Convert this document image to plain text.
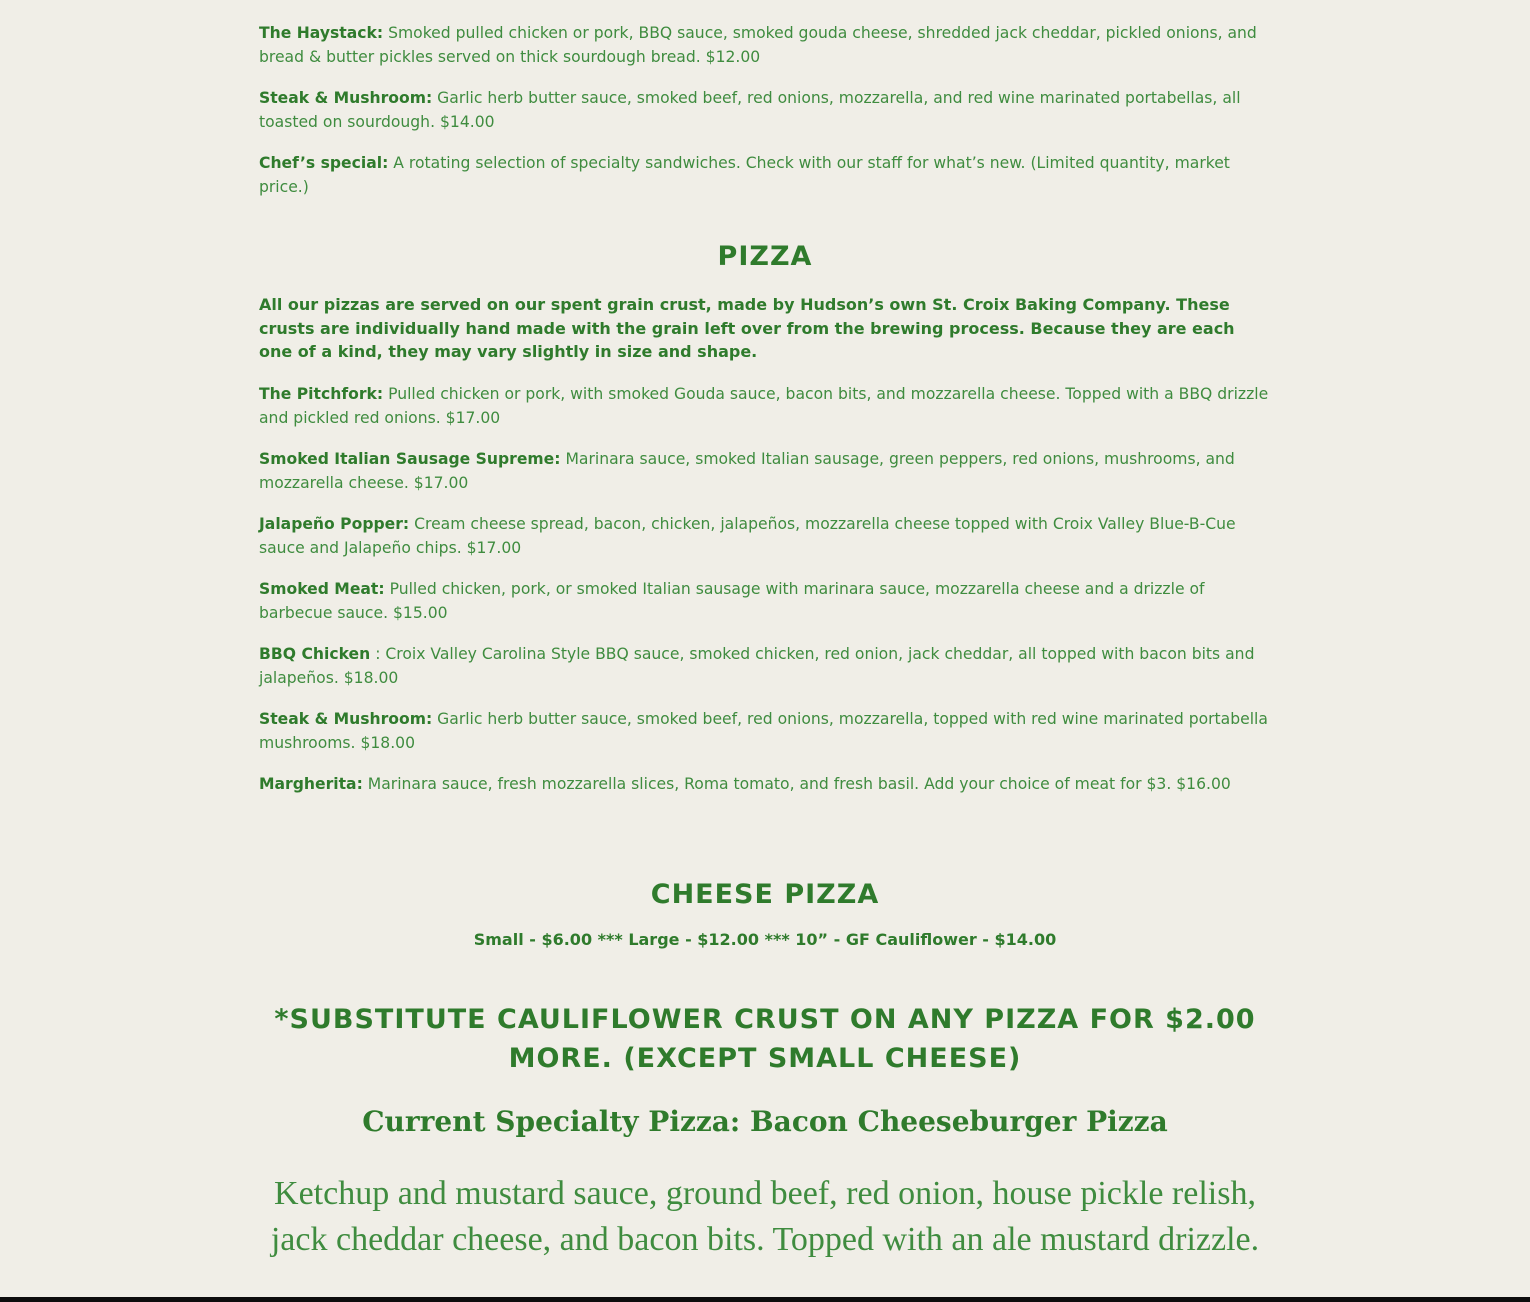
The Haystack: Smoked pulled chicken or pork, BBQ sauce, smoked gouda cheese, shredded jack cheddar, pickled onions, and bread & butter pickles served on thick sourdough bread. $12.00

Steak & Mushroom: Garlic herb butter sauce, smoked beef, red onions, mozzarella, and red wine marinated portabellas, all toasted on sourdough. $14.00

Chef’s special: A rotating selection of specialty sandwiches. Check with our staff for what’s new. (Limited quantity, market price.)

PIZZA

All our pizzas are served on our spent grain crust, made by Hudson’s own St. Croix Baking Company. These crusts are individually hand made with the grain left over from the brewing process. Because they are each one of a kind, they may vary slightly in size and shape.

The Pitchfork: Pulled chicken or pork, with smoked Gouda sauce, bacon bits, and mozzarella cheese. Topped with a BBQ drizzle and pickled red onions. $17.00

Smoked Italian Sausage Supreme: Marinara sauce, smoked Italian sausage, green peppers, red onions, mushrooms, and mozzarella cheese. $17.00

Jalapeño Popper: Cream cheese spread, bacon, chicken, jalapeños, mozzarella cheese topped with Croix Valley Blue-B-Cue sauce and Jalapeño chips. $17.00

Smoked Meat: Pulled chicken, pork, or smoked Italian sausage with marinara sauce, mozzarella cheese and a drizzle of barbecue sauce. $15.00

BBQ Chicken : Croix Valley Carolina Style BBQ sauce, smoked chicken, red onion, jack cheddar, all topped with bacon bits and jalapeños. $18.00

Steak & Mushroom: Garlic herb butter sauce, smoked beef, red onions, mozzarella, topped with red wine marinated portabella mushrooms. $18.00

Margherita: Marinara sauce, fresh mozzarella slices, Roma tomato, and fresh basil. Add your choice of meat for $3. $16.00

CHEESE PIZZA

Small - $6.00 *** Large - $12.00 *** 10” - GF Cauliflower - $14.00

*SUBSTITUTE CAULIFLOWER CRUST ON ANY PIZZA FOR $2.00 MORE. (EXCEPT SMALL CHEESE)

Current Specialty Pizza: Bacon Cheeseburger Pizza

Ketchup and mustard sauce, ground beef, red onion, house pickle relish, jack cheddar cheese, and bacon bits. Topped with an ale mustard drizzle.
